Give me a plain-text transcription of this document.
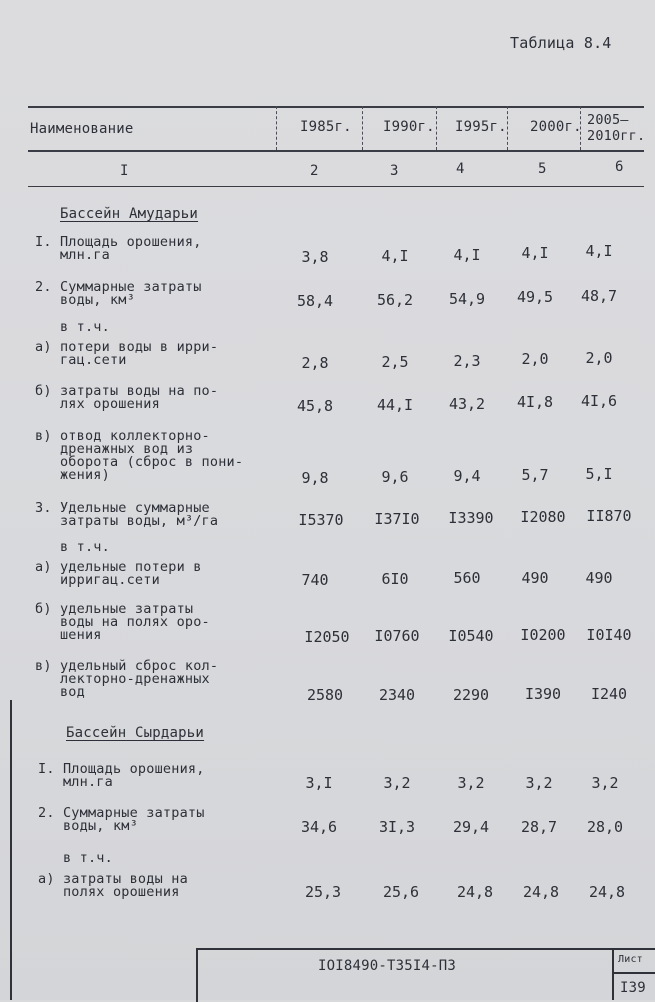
Таблица 8.4
Наименование	I985г. I990г. I995г. 2000г. 2005–
2010гг.
I	2	3	4	5	6
Бассейн Амударьи
I. Площадь орошения,
млн.га	3,8	4,I	4,I	4,I	4,I
2. Суммарные затраты
воды, км³	58,4	56,2	54,9	49,5	48,7
в т.ч.
а) потери воды в ирри-
гац.сети	2,8	2,5	2,3	2,0	2,0
б) затраты воды на по-
лях орошения	45,8	44,I	43,2	4I,8	4I,6
в) отвод коллекторно-
дренажных вод из
оборота (сброс в пони-
жения)	9,8	9,6	9,4	5,7	5,I
3. Удельные суммарные
затраты воды, м³/га	I5370	I37I0	I3390	I2080	II870
в т.ч.
а) удельные потери в
ирригац.сети	740	6I0	560	490	490
б) удельные затраты
воды на полях оро-
шения	I2050	I0760	I0540	I0200	I0I40
в) удельный сброс кол-
лекторно-дренажных
вод	2580	2340	2290	I390	I240
Бассейн Сырдарьи
I. Площадь орошения,
млн.га	3,I	3,2	3,2	3,2	3,2
2. Суммарные затраты
воды, км³	34,6	3I,3	29,4	28,7	28,0
в т.ч.
а) затраты воды на
полях орошения	25,3	25,6	24,8	24,8	24,8
IOI8490-Т35I4-ПЗ	Лист
I39
